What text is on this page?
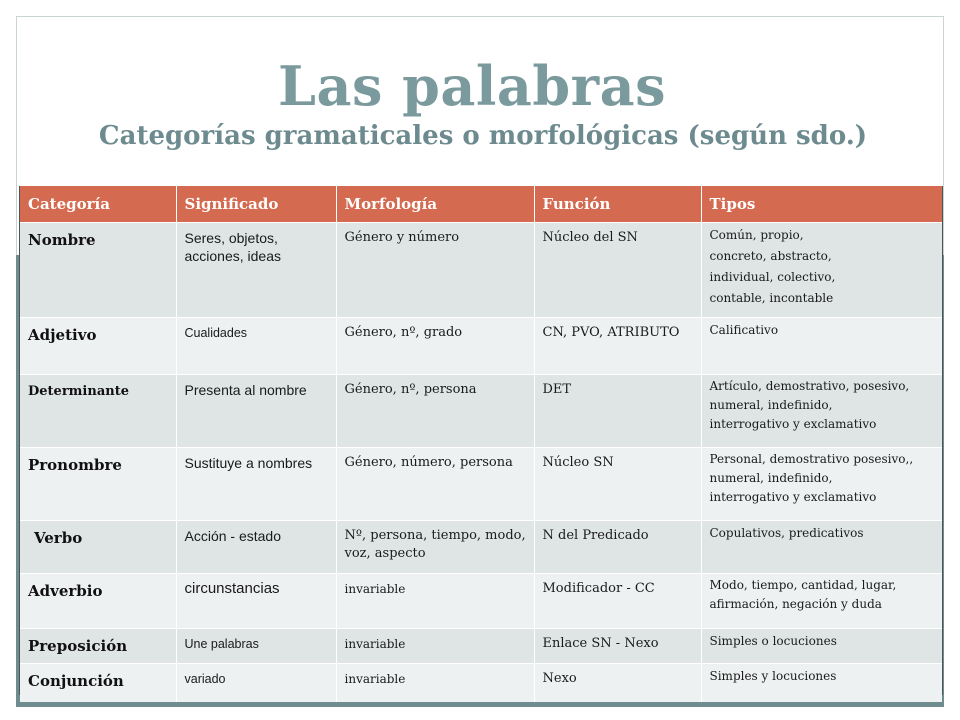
Las palabras
Categorías gramaticales o morfológicas (según sdo.)
Categoría	Significado	Morfología	Función	Tipos

Nombre	Seres, objetos, acciones, ideas	Género y número	Núcleo del SN	Común, propio,
concreto, abstracto,
individual, colectivo,
contable, incontable

Adjetivo	Cualidades	Género, nº, grado	CN, PVO, ATRIBUTO	Calificativo

Determinante	Presenta al nombre	Género, nº, persona	DET	Artículo, demostrativo, posesivo, numeral, indefinido,
interrogativo y exclamativo

Pronombre	Sustituye a nombres	Género, número, persona	Núcleo SN	Personal, demostrativo posesivo,, numeral, indefinido,
interrogativo y exclamativo

Verbo	Acción - estado	Nº, persona, tiempo, modo, voz, aspecto	N del Predicado	Copulativos, predicativos

Adverbio	circunstancias	invariable	Modificador - CC	Modo, tiempo, cantidad, lugar, afirmación, negación y duda

Preposición	Une palabras	invariable	Enlace SN - Nexo	Simples o locuciones

Conjunción	variado	invariable	Nexo	Simples y locuciones
